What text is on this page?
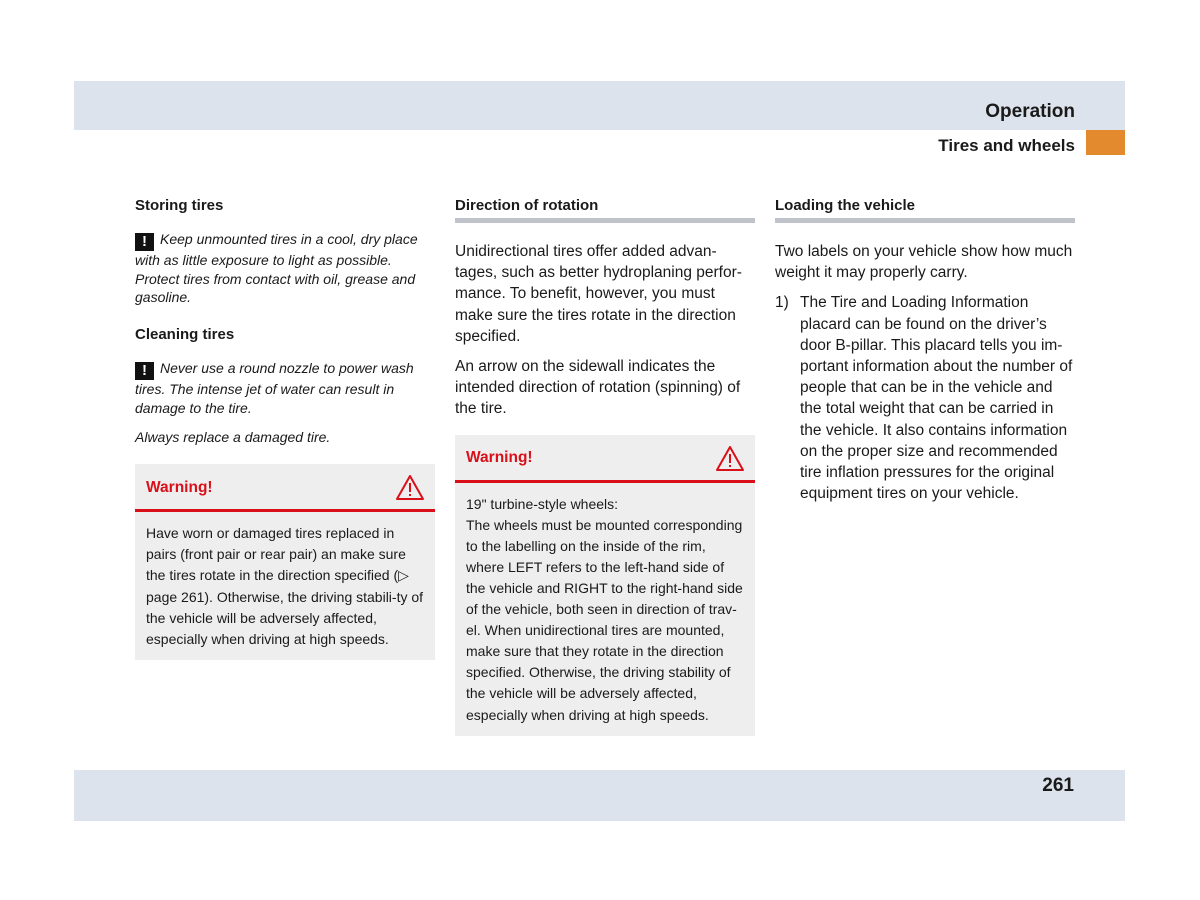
Operation
Tires and wheels
Storing tires

! Keep unmounted tires in a cool, dry place with as little exposure to light as possible. Protect tires from contact with oil, grease and gasoline.

Cleaning tires

! Never use a round nozzle to power wash tires. The intense jet of water can result in damage to the tire.

Always replace a damaged tire.

Warning!
Have worn or damaged tires replaced in pairs (front pair or rear pair) an make sure the tires rotate in the direction specified (▷ page 261). Otherwise, the driving stabili-ty of the vehicle will be adversely affected, especially when driving at high speeds.
Direction of rotation

Unidirectional tires offer added advan-tages, such as better hydroplaning perfor-mance. To benefit, however, you must make sure the tires rotate in the direction specified.

An arrow on the sidewall indicates the intended direction of rotation (spinning) of the tire.

Warning!
19" turbine-style wheels:
The wheels must be mounted corresponding to the labelling on the inside of the rim, where LEFT refers to the left-hand side of the vehicle and RIGHT to the right-hand side of the vehicle, both seen in direction of trav-el. When unidirectional tires are mounted, make sure that they rotate in the direction specified. Otherwise, the driving stability of the vehicle will be adversely affected, especially when driving at high speeds.
Loading the vehicle

Two labels on your vehicle show how much weight it may properly carry.

1) The Tire and Loading Information placard can be found on the driver’s door B-pillar. This placard tells you im-portant information about the number of people that can be in the vehicle and the total weight that can be carried in the vehicle. It also contains information on the proper size and recommended tire inflation pressures for the original equipment tires on your vehicle.
261
